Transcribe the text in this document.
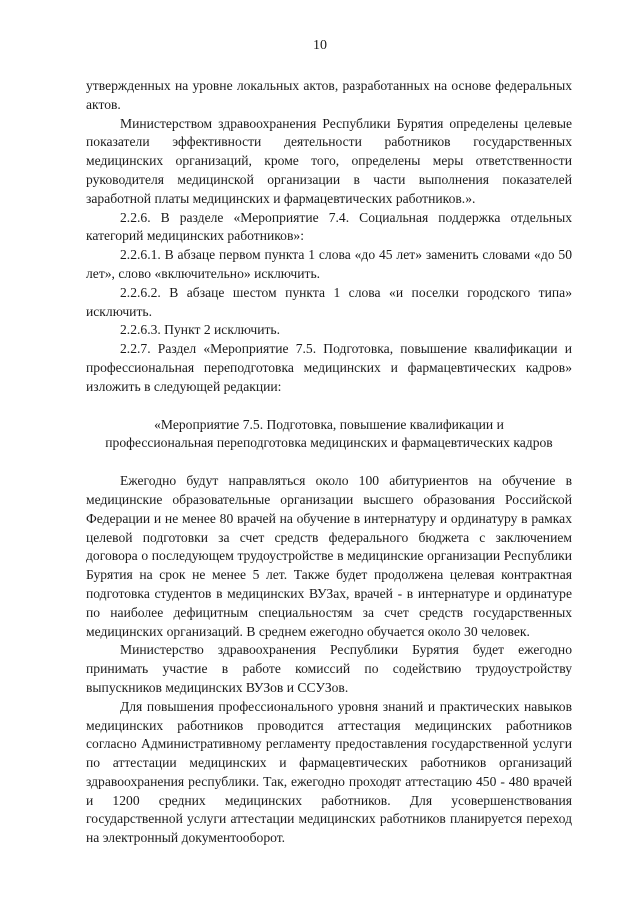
10

утвержденных на уровне локальных актов, разработанных на основе федеральных актов.

Министерством здравоохранения Республики Бурятия определены целевые показатели эффективности деятельности работников государственных медицинских организаций, кроме того, определены меры ответственности руководителя медицинской организации в части выполнения показателей заработной платы медицинских и фармацевтических работников.».

2.2.6. В разделе «Мероприятие 7.4. Социальная поддержка отдельных категорий медицинских работников»:

2.2.6.1. В абзаце первом пункта 1 слова «до 45 лет» заменить словами «до 50 лет», слово «включительно» исключить.

2.2.6.2. В абзаце шестом пункта 1 слова «и поселки городского типа» исключить.

2.2.6.3. Пункт 2 исключить.

2.2.7. Раздел «Мероприятие 7.5. Подготовка, повышение квалификации и профессиональная переподготовка медицинских и фармацевтических кадров» изложить в следующей редакции:

«Мероприятие 7.5. Подготовка, повышение квалификации и
профессиональная переподготовка медицинских и фармацевтических кадров

Ежегодно будут направляться около 100 абитуриентов на обучение в медицинские образовательные организации высшего образования Российской Федерации и не менее 80 врачей на обучение в интернатуру и ординатуру в рамках целевой подготовки за счет средств федерального бюджета с заключением договора о последующем трудоустройстве в медицинские организации Республики Бурятия на срок не менее 5 лет. Также будет продолжена целевая контрактная подготовка студентов в медицинских ВУЗах, врачей - в интернатуре и ординатуре по наиболее дефицитным специальностям за счет средств государственных медицинских организаций. В среднем ежегодно обучается около 30 человек.

Министерство здравоохранения Республики Бурятия будет ежегодно принимать участие в работе комиссий по содействию трудоустройству выпускников медицинских ВУЗов и ССУЗов.

Для повышения профессионального уровня знаний и практических навыков медицинских работников проводится аттестация медицинских работников согласно Административному регламенту предоставления государственной услуги по аттестации медицинских и фармацевтических работников организаций здравоохранения республики. Так, ежегодно проходят аттестацию 450 - 480 врачей и 1200 средних медицинских работников. Для усовершенствования государственной услуги аттестации медицинских работников планируется переход на электронный документооборот.
